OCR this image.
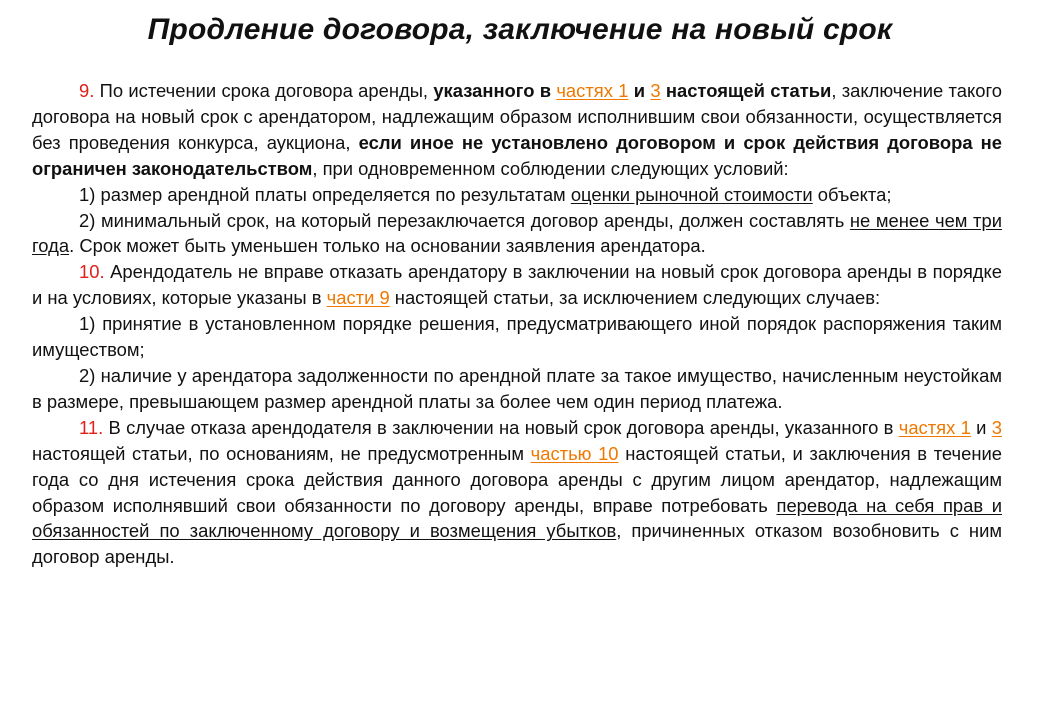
Продление договора, заключение на новый срок

9. По истечении срока договора аренды, указанного в частях 1 и 3 настоящей статьи, заключение такого договора на новый срок с арендатором, надлежащим образом исполнившим свои обязанности, осуществляется без проведения конкурса, аукциона, если иное не установлено договором и срок действия договора не ограничен законодательством, при одновременном соблюдении следующих условий:

1) размер арендной платы определяется по результатам оценки рыночной стоимости объекта;

2) минимальный срок, на который перезаключается договор аренды, должен составлять не менее чем три года. Срок может быть уменьшен только на основании заявления арендатора.

10. Арендодатель не вправе отказать арендатору в заключении на новый срок договора аренды в порядке и на условиях, которые указаны в части 9 настоящей статьи, за исключением следующих случаев:

1) принятие в установленном порядке решения, предусматривающего иной порядок распоряжения таким имуществом;

2) наличие у арендатора задолженности по арендной плате за такое имущество, начисленным неустойкам в размере, превышающем размер арендной платы за более чем один период платежа.

11. В случае отказа арендодателя в заключении на новый срок договора аренды, указанного в частях 1 и 3 настоящей статьи, по основаниям, не предусмотренным частью 10 настоящей статьи, и заключения в течение года со дня истечения срока действия данного договора аренды с другим лицом арендатор, надлежащим образом исполнявший свои обязанности по договору аренды, вправе потребовать перевода на себя прав и обязанностей по заключенному договору и возмещения убытков, причиненных отказом возобновить с ним договор аренды.
